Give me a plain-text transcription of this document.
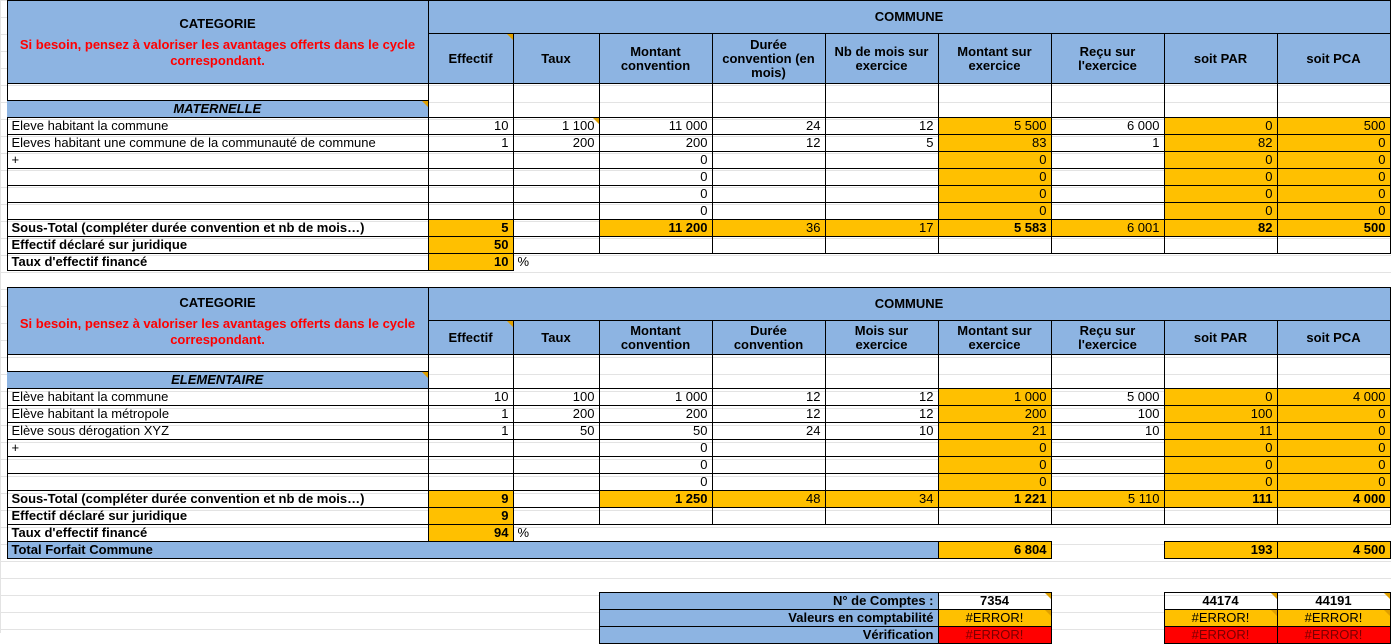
	CATEGORIE
Si besoin, pensez à valoriser les avantages offerts dans le cycle correspondant.	COMMUNE								
		Effectif	Taux	Montant convention	Durée convention (en mois)	Nb de mois sur exercice	Montant sur exercice	Reçu sur l'exercice	soit PAR	soit PCA

	MATERNELLE									
	Eleve habitant la commune	10	1 100	11 000	24	12	5 500	6 000	0	500
	Eleves habitant une commune de la communauté de commune	1	200	200	12	5	83	1	82	0
	+			0			0		0	0
				0			0		0	0
				0			0		0	0
				0			0		0	0
	Sous-Total (compléter durée convention et nb de mois…)	5		11 200	36	17	5 583	6 001	82	500
	Effectif déclaré sur juridique	50								
	Taux d'effectif financé	10	%							

	CATEGORIE
Si besoin, pensez à valoriser les avantages offerts dans le cycle correspondant.	COMMUNE								
		Effectif	Taux	Montant convention	Durée convention	Mois sur exercice	Montant sur exercice	Reçu sur l'exercice	soit PAR	soit PCA

	ELEMENTAIRE									
	Elève habitant la commune	10	100	1 000	12	12	1 000	5 000	0	4 000
	Elève habitant la métropole	1	200	200	12	12	200	100	100	0
	Elève sous dérogation XYZ	1	50	50	24	10	21	10	11	0
	+			0			0		0	0
				0			0		0	0
				0			0		0	0
	Sous-Total (compléter durée convention et nb de mois…)	9		1 250	48	34	1 221	5 110	111	4 000
	Effectif déclaré sur juridique	9								
	Taux d'effectif financé	94	%							
	Total Forfait Commune						6 804		193	4 500

				N° de Comptes :			7354		44174	44191
				Valeurs en comptabilité			#ERROR!		#ERROR!	#ERROR!
				Vérification			#ERROR!		#ERROR!	#ERROR!
